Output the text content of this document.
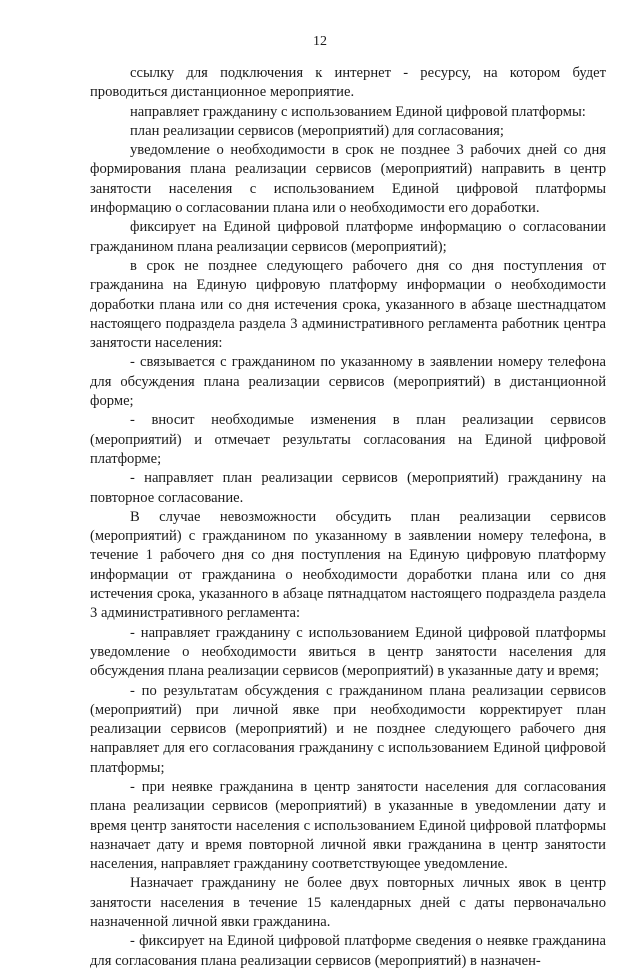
12

ссылку для подключения к интернет - ресурсу, на котором будет проводиться дистанционное мероприятие.

направляет гражданину с использованием Единой цифровой платформы:

план реализации сервисов (мероприятий) для согласования;

уведомление о необходимости в срок не позднее 3 рабочих дней со дня формирования плана реализации сервисов (мероприятий) направить в центр занятости населения с использованием Единой цифровой платформы информацию о согласовании плана или о необходимости его доработки.

фиксирует на Единой цифровой платформе информацию о согласовании гражданином плана реализации сервисов (мероприятий);

в срок не позднее следующего рабочего дня со дня поступления от гражданина на Единую цифровую платформу информации о необходимости доработки плана или со дня истечения срока, указанного в абзаце шестнадцатом настоящего подраздела раздела 3 административного регламента работник центра занятости населения:

- связывается с гражданином по указанному в заявлении номеру телефона для обсуждения плана реализации сервисов (мероприятий) в дистанционной форме;

- вносит необходимые изменения в план реализации сервисов (мероприятий) и отмечает результаты согласования на Единой цифровой платформе;

- направляет план реализации сервисов (мероприятий) гражданину на повторное согласование.

В случае невозможности обсудить план реализации сервисов (мероприятий) с гражданином по указанному в заявлении номеру телефона, в течение 1 рабочего дня со дня поступления на Единую цифровую платформу информации от гражданина о необходимости доработки плана или со дня истечения срока, указанного в абзаце пятнадцатом настоящего подраздела раздела 3 административного регламента:

- направляет гражданину с использованием Единой цифровой платформы уведомление о необходимости явиться в центр занятости населения для обсуждения плана реализации сервисов (мероприятий) в указанные дату и время;

- по результатам обсуждения с гражданином плана реализации сервисов (мероприятий) при личной явке при необходимости корректирует план реализации сервисов (мероприятий) и не позднее следующего рабочего дня направляет для его согласования гражданину с использованием Единой цифровой платформы;

- при неявке гражданина в центр занятости населения для согласования плана реализации сервисов (мероприятий) в указанные в уведомлении дату и время центр занятости населения с использованием Единой цифровой платформы назначает дату и время повторной личной явки гражданина в центр занятости населения, направляет гражданину соответствующее уведомление.

Назначает гражданину не более двух повторных личных явок в центр занятости населения в течение 15 календарных дней с даты первоначально назначенной личной явки гражданина.

- фиксирует на Единой цифровой платформе сведения о неявке гражданина для согласования плана реализации сервисов (мероприятий) в назначен-
